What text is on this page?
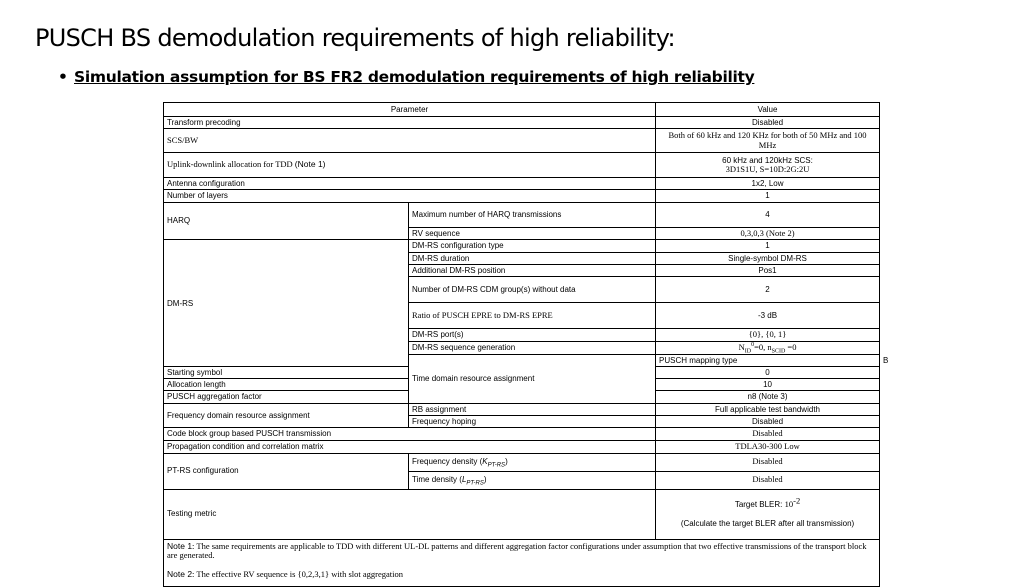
PUSCH BS demodulation requirements of high reliability:
• Simulation assumption for BS FR2 demodulation requirements of high reliability
Parameter		Value	
Transform precoding		Disabled	
SCS/BW		Both of 60 kHz and 120 KHz for both of 50 MHz and 100 MHz	
Uplink-downlink allocation for TDD (Note 1)		60 kHz and 120kHz SCS:
3D1S1U, S=10D:2G:2U	

Antenna configuration		1x2, Low	
Number of layers		1	
HARQ	Maximum number of HARQ transmissions	4	
	RV sequence	0,3,0,3 (Note 2)	
DM-RS	DM-RS configuration type	1	
	DM-RS duration	Single-symbol DM-RS	
	Additional DM-RS position	Pos1	
	Number of DM-RS CDM group(s) without data	2	
	Ratio of PUSCH EPRE to DM-RS EPRE	-3 dB	
	DM-RS port(s)	{0}, {0, 1}	
	DM-RS sequence generation	$N_{ID}^0=0$, $n_{SCID} =0$	
	Time domain resource assignment	PUSCH mapping type	B
Starting symbol		0	
Allocation length		10	
PUSCH aggregation factor		n8 (Note 3)	
Frequency domain resource assignment	RB assignment	Full applicable test bandwidth	
	Frequency hoping	Disabled	
Code block group based PUSCH transmission		Disabled	
Propagation condition and correlation matrix		TDLA30-300 Low	
PT-RS configuration	Frequency density $(K_{PT-RS})$	Disabled	
	Time density $(L_{PT-RS})$	Disabled	
Testing metric		Target BLER: $10^{-2}$
(Calculate the target BLER after all transmission)	

Note 1: The same requirements are applicable to TDD with different UL-DL patterns and different aggregation factor configurations under assumption that two effective transmissions of the transport block are generated.
Note 2: The effective RV sequence is {0,2,3,1} with slot aggregation			
